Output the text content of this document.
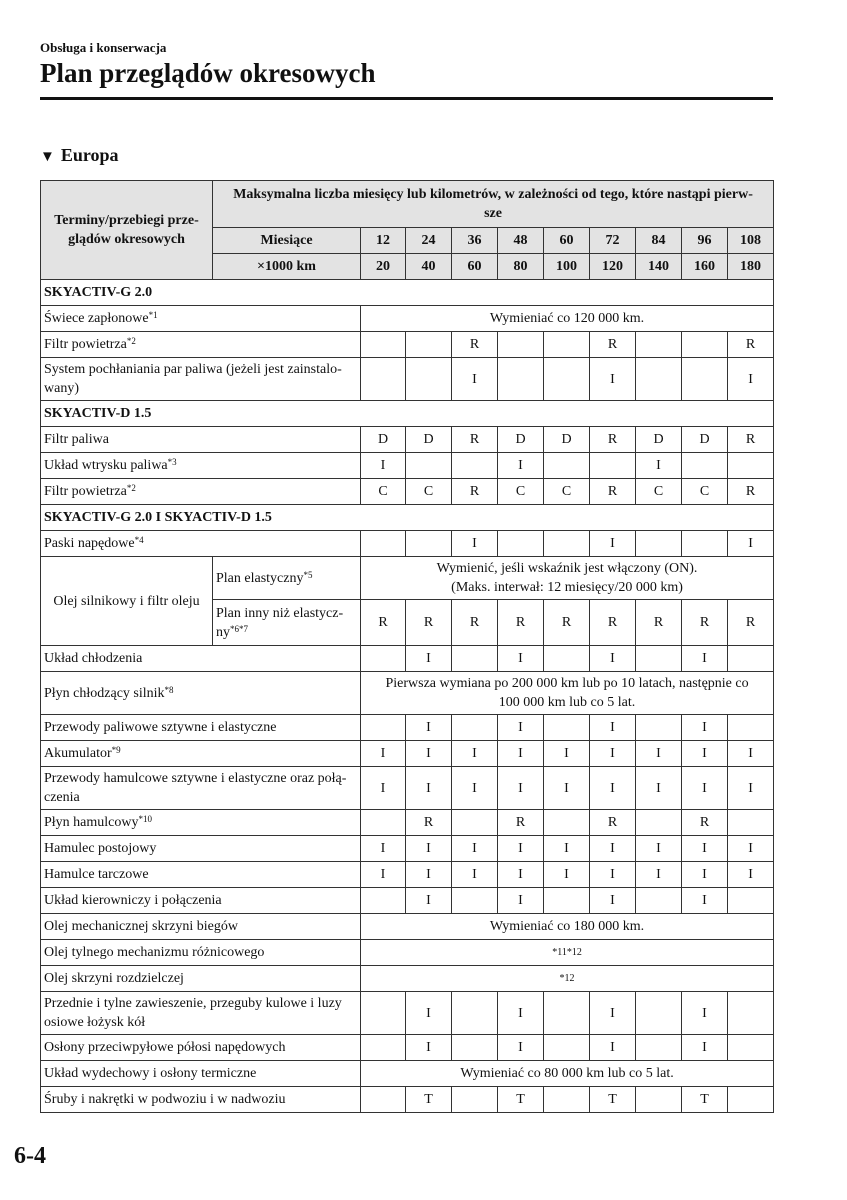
Obsługa i konserwacja
Plan przeglądów okresowych
▼ Europa
Terminy/przebiegi prze-
glądów okresowych	Maksymalna liczba miesięcy lub kilometrów, w zależności od tego, które nastąpi pierw-
sze									
	Miesiące	12	24	36	48	60	72	84	96	108
	×1000 km	20	40	60	80	100	120	140	160	180
SKYACTIV-G 2.0										
Świece zapłonowe$^{*1}$		Wymieniać co 120 000 km.								
Filtr powietrza$^{*2}$				R			R			R
System pochłaniania par paliwa (jeżeli jest zainstalo-
wany)				I			I			I
SKYACTIV-D 1.5										
Filtr paliwa		D	D	R	D	D	R	D	D	R
Układ wtrysku paliwa$^{*3}$		I			I			I		
Filtr powietrza$^{*2}$		C	C	R	C	C	R	C	C	R
SKYACTIV-G 2.0 I SKYACTIV-D 1.5										
Paski napędowe$^{*4}$				I			I			I
Olej silnikowy i filtr oleju	Plan elastyczny$^{*5}$	Wymienić, jeśli wskaźnik jest włączony (ON).
(Maks. interwał: 12 miesięcy/20 000 km)								
	Plan inny niż elastycz-
$ny^{*6*7}$	R	R	R	R	R	R	R	R	R
Układ chłodzenia			I		I		I		I	
Płyn chłodzący silnik$^{*8}$		Pierwsza wymiana po 200 000 km lub po 10 latach, następnie co
100 000 km lub co 5 lat.								
Przewody paliwowe sztywne i elastyczne			I		I		I		I	
Akumulator$^{*9}$		I	I	I	I	I	I	I	I	I
Przewody hamulcowe sztywne i elastyczne oraz połą-
czenia		I	I	I	I	I	I	I	I	I
Płyn hamulcowy$^{*10}$			R		R		R		R	
Hamulec postojowy		I	I	I	I	I	I	I	I	I
Hamulce tarczowe		I	I	I	I	I	I	I	I	I
Układ kierowniczy i połączenia			I		I		I		I	
Olej mechanicznej skrzyni biegów		Wymieniać co 180 000 km.								
Olej tylnego mechanizmu różnicowego		*11*12								
Olej skrzyni rozdzielczej		*12								
Przednie i tylne zawieszenie, przeguby kulowe i luzy
osiowe łożysk kół			I		I		I		I	
Osłony przeciwpyłowe półosi napędowych			I		I		I		I	
Układ wydechowy i osłony termiczne		Wymieniać co 80 000 km lub co 5 lat.								
Śruby i nakrętki w podwoziu i w nadwoziu			T		T		T		T	
6-4
